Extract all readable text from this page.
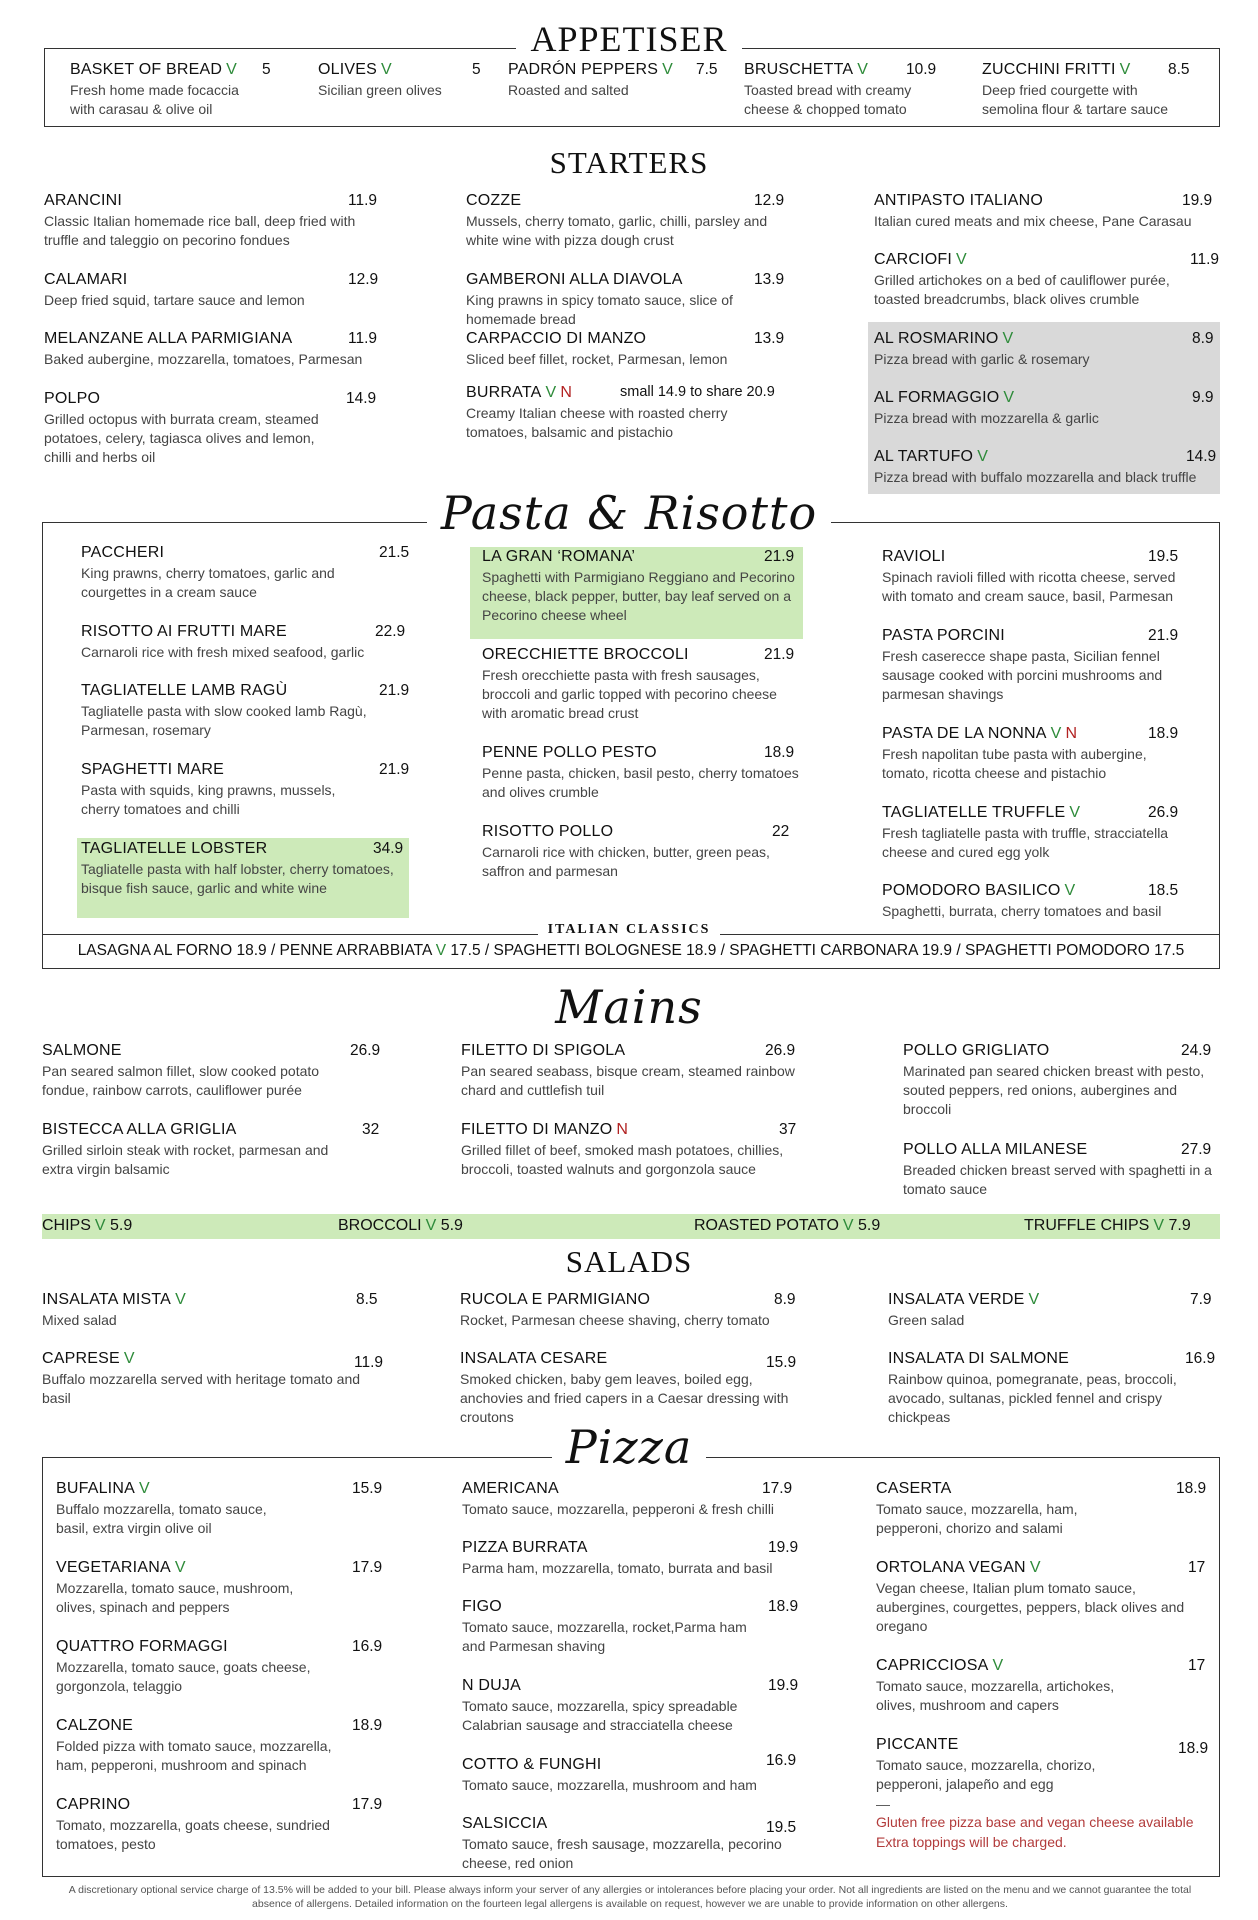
APPETISER
BASKET OF BREAD V	5
Fresh home made focaccia with carasau & olive oil
OLIVES V	5
Sicilian green olives
PADRÓN PEPPERS V	7.5
Roasted and salted
BRUSCHETTA V	10.9
Toasted bread with creamy cheese & chopped tomato
ZUCCHINI FRITTI V	8.5
Deep fried courgette with semolina flour & tartare sauce
STARTERS
ARANCINI	11.9
Classic Italian homemade rice ball, deep fried with truffle and taleggio on pecorino fondues
CALAMARI	12.9
Deep fried squid, tartare sauce and lemon
MELANZANE ALLA PARMIGIANA	11.9
Baked aubergine, mozzarella, tomatoes, Parmesan
POLPO	14.9
Grilled octopus with burrata cream, steamed potatoes, celery, tagiasca olives and lemon, chilli and herbs oil
COZZE	12.9
Mussels, cherry tomato, garlic, chilli, parsley and white wine with pizza dough crust
GAMBERONI ALLA DIAVOLA	13.9
King prawns in spicy tomato sauce, slice of homemade bread
CARPACCIO DI MANZO	13.9
Sliced beef fillet, rocket, Parmesan, lemon
BURRATA V N	small 14.9 to share 20.9
Creamy Italian cheese with roasted cherry tomatoes, balsamic and pistachio
ANTIPASTO ITALIANO	19.9
Italian cured meats and mix cheese, Pane Carasau
CARCIOFI V	11.9
Grilled artichokes on a bed of cauliflower purée, toasted breadcrumbs, black olives crumble
AL ROSMARINO V	8.9
Pizza bread with garlic & rosemary
AL FORMAGGIO V	9.9
Pizza bread with mozzarella & garlic
AL TARTUFO V	14.9
Pizza bread with buffalo mozzarella and black truffle
Pasta & Risotto
PACCHERI	21.5
King prawns, cherry tomatoes, garlic and courgettes in a cream sauce
RISOTTO AI FRUTTI MARE	22.9
Carnaroli rice with fresh mixed seafood, garlic
TAGLIATELLE LAMB RAGÙ	21.9
Tagliatelle pasta with slow cooked lamb Ragù, Parmesan, rosemary
SPAGHETTI MARE	21.9
Pasta with squids, king prawns, mussels, cherry tomatoes and chilli
TAGLIATELLE LOBSTER	34.9
Tagliatelle pasta with half lobster, cherry tomatoes, bisque fish sauce, garlic and white wine
LA GRAN ‘ROMANA’	21.9
Spaghetti with Parmigiano Reggiano and Pecorino cheese, black pepper, butter, bay leaf served on a Pecorino cheese wheel
ORECCHIETTE BROCCOLI	21.9
Fresh orecchiette pasta with fresh sausages, broccoli and garlic topped with pecorino cheese with aromatic bread crust
PENNE POLLO PESTO	18.9
Penne pasta, chicken, basil pesto, cherry tomatoes and olives crumble
RISOTTO POLLO	22
Carnaroli rice with chicken, butter, green peas, saffron and parmesan
RAVIOLI	19.5
Spinach ravioli filled with ricotta cheese, served with tomato and cream sauce, basil, Parmesan
PASTA PORCINI	21.9
Fresh caserecce shape pasta, Sicilian fennel sausage cooked with porcini mushrooms and parmesan shavings
PASTA DE LA NONNA V N	18.9
Fresh napolitan tube pasta with aubergine, tomato, ricotta cheese and pistachio
TAGLIATELLE TRUFFLE V	26.9
Fresh tagliatelle pasta with truffle, stracciatella cheese and cured egg yolk
POMODORO BASILICO V	18.5
Spaghetti, burrata, cherry tomatoes and basil
ITALIAN CLASSICS
LASAGNA AL FORNO 18.9 / PENNE ARRABBIATA V 17.5 / SPAGHETTI BOLOGNESE 18.9 / SPAGHETTI CARBONARA 19.9 / SPAGHETTI POMODORO 17.5
Mains
SALMONE	26.9
Pan seared salmon fillet, slow cooked potato fondue, rainbow carrots, cauliflower purée
BISTECCA ALLA GRIGLIA	32
Grilled sirloin steak with rocket, parmesan and extra virgin balsamic
FILETTO DI SPIGOLA	26.9
Pan seared seabass, bisque cream, steamed rainbow chard and cuttlefish tuil
FILETTO DI MANZO N	37
Grilled fillet of beef, smoked mash potatoes, chillies, broccoli, toasted walnuts and gorgonzola sauce
POLLO GRIGLIATO	24.9
Marinated pan seared chicken breast with pesto, souted peppers, red onions, aubergines and broccoli
POLLO ALLA MILANESE	27.9
Breaded chicken breast served with spaghetti in a tomato sauce
CHIPS V 5.9	BROCCOLI V 5.9	ROASTED POTATO V 5.9	TRUFFLE CHIPS V 7.9
SALADS
INSALATA MISTA V	8.5
Mixed salad
CAPRESE V	11.9
Buffalo mozzarella served with heritage tomato and basil
RUCOLA E PARMIGIANO	8.9
Rocket, Parmesan cheese shaving, cherry tomato
INSALATA CESARE	15.9
Smoked chicken, baby gem leaves, boiled egg, anchovies and fried capers in a Caesar dressing with croutons
INSALATA VERDE V	7.9
Green salad
INSALATA DI SALMONE	16.9
Rainbow quinoa, pomegranate, peas, broccoli, avocado, sultanas, pickled fennel and crispy chickpeas
Pizza
BUFALINA V	15.9
Buffalo mozzarella, tomato sauce, basil, extra virgin olive oil
VEGETARIANA V	17.9
Mozzarella, tomato sauce, mushroom, olives, spinach and peppers
QUATTRO FORMAGGI	16.9
Mozzarella, tomato sauce, goats cheese, gorgonzola, telaggio
CALZONE	18.9
Folded pizza with tomato sauce, mozzarella, ham, pepperoni, mushroom and spinach
CAPRINO	17.9
Tomato, mozzarella, goats cheese, sundried tomatoes, pesto
AMERICANA	17.9
Tomato sauce, mozzarella, pepperoni & fresh chilli
PIZZA BURRATA	19.9
Parma ham, mozzarella, tomato, burrata and basil
FIGO	18.9
Tomato sauce, mozzarella, rocket,Parma ham and Parmesan shaving
N DUJA	19.9
Tomato sauce, mozzarella, spicy spreadable Calabrian sausage and stracciatella cheese
COTTO & FUNGHI	16.9
Tomato sauce, mozzarella, mushroom and ham
SALSICCIA	19.5
Tomato sauce, fresh sausage, mozzarella, pecorino cheese, red onion
CASERTA	18.9
Tomato sauce, mozzarella, ham, pepperoni, chorizo and salami
ORTOLANA VEGAN V	17
Vegan cheese, Italian plum tomato sauce, aubergines, courgettes, peppers, black olives and oregano
CAPRICCIOSA V	17
Tomato sauce, mozzarella, artichokes, olives, mushroom and capers
PICCANTE	18.9
Tomato sauce, mozzarella, chorizo, pepperoni, jalapeño and egg
—
Gluten free pizza base and vegan cheese available
Extra toppings will be charged.
A discretionary optional service charge of 13.5% will be added to your bill. Please always inform your server of any allergies or intolerances before placing your order. Not all ingredients are listed on the menu and we cannot guarantee the total absence of allergens. Detailed information on the fourteen legal allergens is available on request, however we are unable to provide information on other allergens.
